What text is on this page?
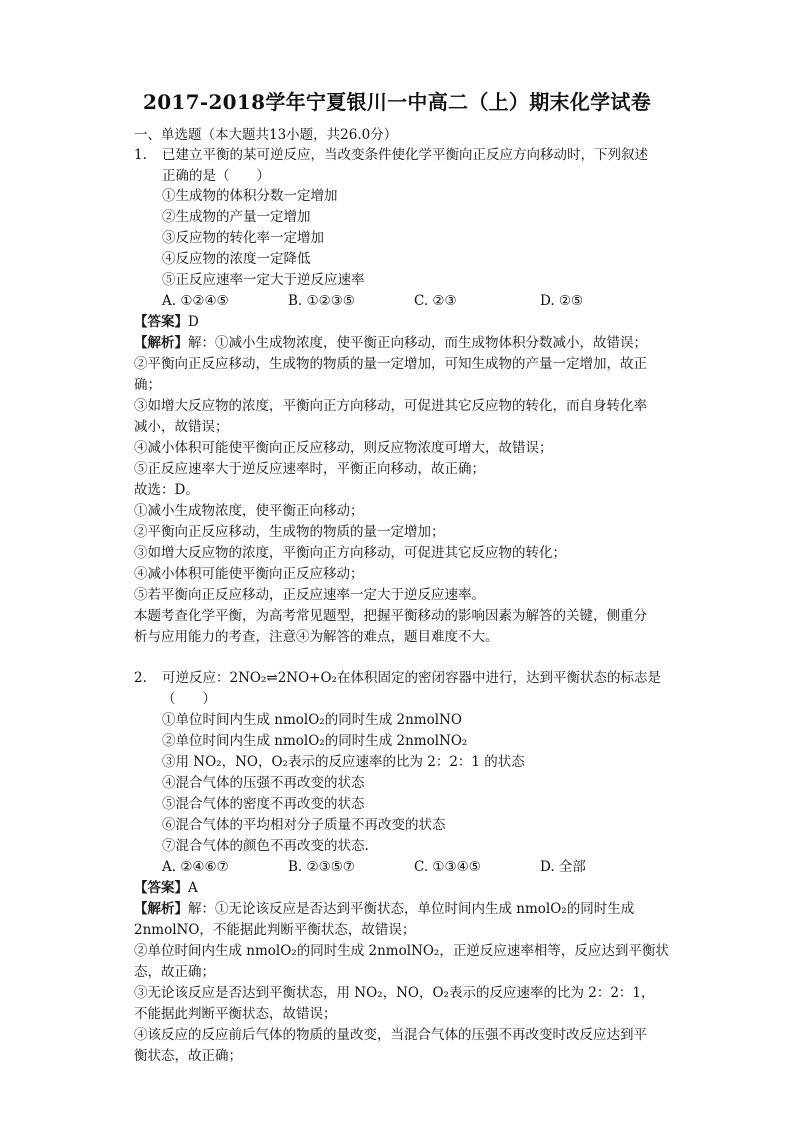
2017-2018学年宁夏银川一中高二（上）期末化学试卷
一、单选题（本大题共13小题，共26.0分）
1. 已建立平衡的某可逆反应，当改变条件使化学平衡向正反应方向移动时，下列叙述
正确的是（　　）
①生成物的体积分数一定增加
②生成物的产量一定增加
③反应物的转化率一定增加
④反应物的浓度一定降低
⑤正反应速率一定大于逆反应速率
A. ①②④⑤	B. ①②③⑤	C. ②③	D. ②⑤
【答案】D
【解析】解：①减小生成物浓度，使平衡正向移动，而生成物体积分数减小，故错误；
②平衡向正反应移动，生成物的物质的量一定增加，可知生成物的产量一定增加，故正
确；
③如增大反应物的浓度，平衡向正方向移动，可促进其它反应物的转化，而自身转化率
减小，故错误；
④减小体积可能使平衡向正反应移动，则反应物浓度可增大，故错误；
⑤正反应速率大于逆反应速率时，平衡正向移动，故正确；
故选：D。
①减小生成物浓度，使平衡正向移动；
②平衡向正反应移动，生成物的物质的量一定增加；
③如增大反应物的浓度，平衡向正方向移动，可促进其它反应物的转化；
④减小体积可能使平衡向正反应移动；
⑤若平衡向正反应移动，正反应速率一定大于逆反应速率。
本题考查化学平衡，为高考常见题型，把握平衡移动的影响因素为解答的关键，侧重分
析与应用能力的考查，注意④为解答的难点，题目难度不大。
2. 可逆反应：2NO₂⇌2NO+O₂在体积固定的密闭容器中进行，达到平衡状态的标志是
（　　）
①单位时间内生成 nmolO₂的同时生成 2nmolNO
②单位时间内生成 nmolO₂的同时生成 2nmolNO₂
③用 NO₂，NO，O₂表示的反应速率的比为 2：2：1 的状态
④混合气体的压强不再改变的状态
⑤混合气体的密度不再改变的状态
⑥混合气体的平均相对分子质量不再改变的状态
⑦混合气体的颜色不再改变的状态.
A. ②④⑥⑦	B. ②③⑤⑦	C. ①③④⑤	D. 全部
【答案】A
【解析】解：①无论该反应是否达到平衡状态，单位时间内生成 nmolO₂的同时生成
2nmolNO，不能据此判断平衡状态，故错误；
②单位时间内生成 nmolO₂的同时生成 2nmolNO₂，正逆反应速率相等，反应达到平衡状
态，故正确；
③无论该反应是否达到平衡状态，用 NO₂，NO，O₂表示的反应速率的比为 2：2：1，
不能据此判断平衡状态，故错误；
④该反应的反应前后气体的物质的量改变，当混合气体的压强不再改变时改反应达到平
衡状态，故正确；
